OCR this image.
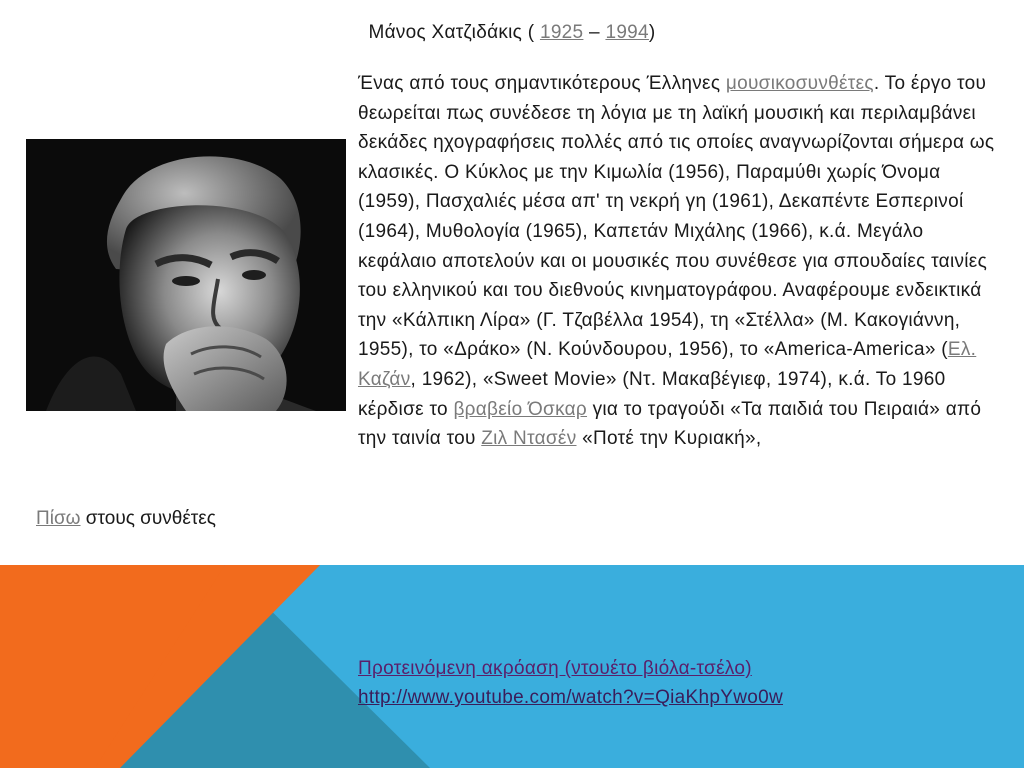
Μάνος Χατζιδάκις ( 1925 – 1994)
Πίσω στους συνθέτες
Ένας από τους σημαντικότερους Έλληνες μουσικοσυνθέτες. Το έργο του θεωρείται πως συνέδεσε τη λόγια με τη λαϊκή μουσική και περιλαμβάνει δεκάδες ηχογραφήσεις πολλές από τις οποίες αναγνωρίζονται σήμερα ως κλασικές. Ο Κύκλος με την Κιμωλία (1956), Παραμύθι χωρίς Όνομα (1959), Πασχαλιές μέσα απ' τη νεκρή γη (1961), Δεκαπέντε Εσπερινοί (1964), Μυθολογία (1965), Καπετάν Μιχάλης (1966), κ.ά. Μεγάλο κεφάλαιο αποτελούν και οι μουσικές που συνέθεσε για σπουδαίες ταινίες του ελληνικού και του διεθνούς κινηματογράφου. Αναφέρουμε ενδεικτικά την «Κάλπικη Λίρα» (Γ. Τζαβέλλα 1954), τη «Στέλλα» (Μ. Κακογιάννη, 1955), το «Δράκο» (Ν. Κούνδουρου, 1956), το «America-America» (Ελ. Καζάν, 1962), «Sweet Movie» (Ντ. Μακαβέγιεφ, 1974), κ.ά. Το 1960 κέρδισε το βραβείο Όσκαρ για το τραγούδι «Τα παιδιά του Πειραιά» από την ταινία του Ζιλ Ντασέν «Ποτέ την Κυριακή»,
Προτεινόμενη ακρόαση (ντουέτο βιόλα-τσέλο)
http://www.youtube.com/watch?v=QiaKhpYwo0w
